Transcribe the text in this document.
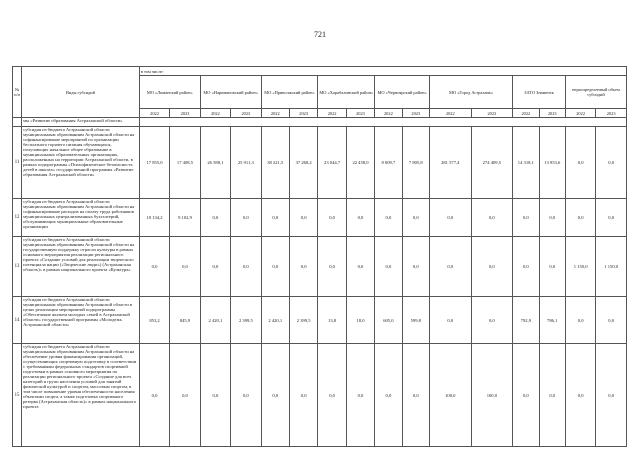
721
№ п/п	Виды субсидий	в том числе:															
		МО «Лиманский район»		МО «Наримановский район»		МО «Приволжский район»		МО «Харабалинский район»		МО «Черноярский район»		МО «Город Астрахань»		ЗАТО Знаменск		нераспределенный объем субсидий	
		2022	2023	2022	2023	2022	2023	2022	2023	2022	2023	2022	2023	2022	2023	2022	2023
	мы «Развитие образования Астраханской области»																
11	субсидия из бюджета Астраханской области муниципальным образованиям Астраханской области на софинансирование мероприятий по организации бесплатного горячего питания обучающихся, получающих начальное общее образование в муниципальных образовательных организациях, расположенных на территории Астраханской области, в рамках подпрограммы «Психофизическое безопасность детей в школах» государственной программы «Развитие образования Астраханской области»	17 855,0	17 408,5	26 588,1	25 911,3	38 221,5	37 268,2	23 044,7	22 458,0	8 009,7	7 805,8	281 577,4	274 409,5	14 318,1	13 953,6	0,0	0,0
12	субсидия из бюджета Астраханской области муниципальным образованиям Астраханской области на софинансирование расходов на оплату труда работников муниципальных централизованных бухгалтерий, обслуживающих муниципальные образовательные организации	10 134,2	9 102,9	0,0	0,0	0,0	0,0	0,0	0,0	0,0	0,0	0,0	0,0	0,0	0,0	0,0	0,0
13	субсидия из бюджета Астраханской области муниципальным образованиям Астраханской области на государственную поддержку отрасли культуры в рамках основного мероприятия реализации регионального проекта «Создание условий для реализации творческого потенциала нации («Творческие люди») (Астраханская область)» в рамках национального проекта «Культура»	0,0	0,0	0,0	0,0	0,0	0,0	0,0	0,0	0,0	0,0	0,0	0,0	0,0	0,0	1 150,0	1 150,0
14	субсидия из бюджета Астраханской области муниципальным образованиям Астраханской области в целях реализации мероприятий подпрограммы «Обеспечение жильем молодых семей в Астраханской области» государственной программы «Молодежь Астраханской области»	853,2	845,9	2 420,1	2 399,5	2 420,1	2 399,5	13,8	18,0	605,0	599,8	0,0	0,0	792,9	786,1	0,0	0,0
15	субсидия из бюджета Астраханской области муниципальным образованиям Астраханской области на обеспечение уровня финансирования организаций, осуществляющих спортивную подготовку в соответствии с требованиями федеральных стандартов спортивной подготовки в рамках основного мероприятия по реализации регионального проекта «Создание для всех категорий и групп населения условий для занятий физической культурой и спортом, массовым спортом, в том числе повышение уровня обеспеченности населения объектами спорта, а также подготовка спортивного резерва (Астраханская область)» в рамках национального проекта	0,0	0,0	0,0	0,0	0,0	0,0	0,0	0,0	0,0	0,0	100,0	100,0	0,0	0,0	0,0	0,0
